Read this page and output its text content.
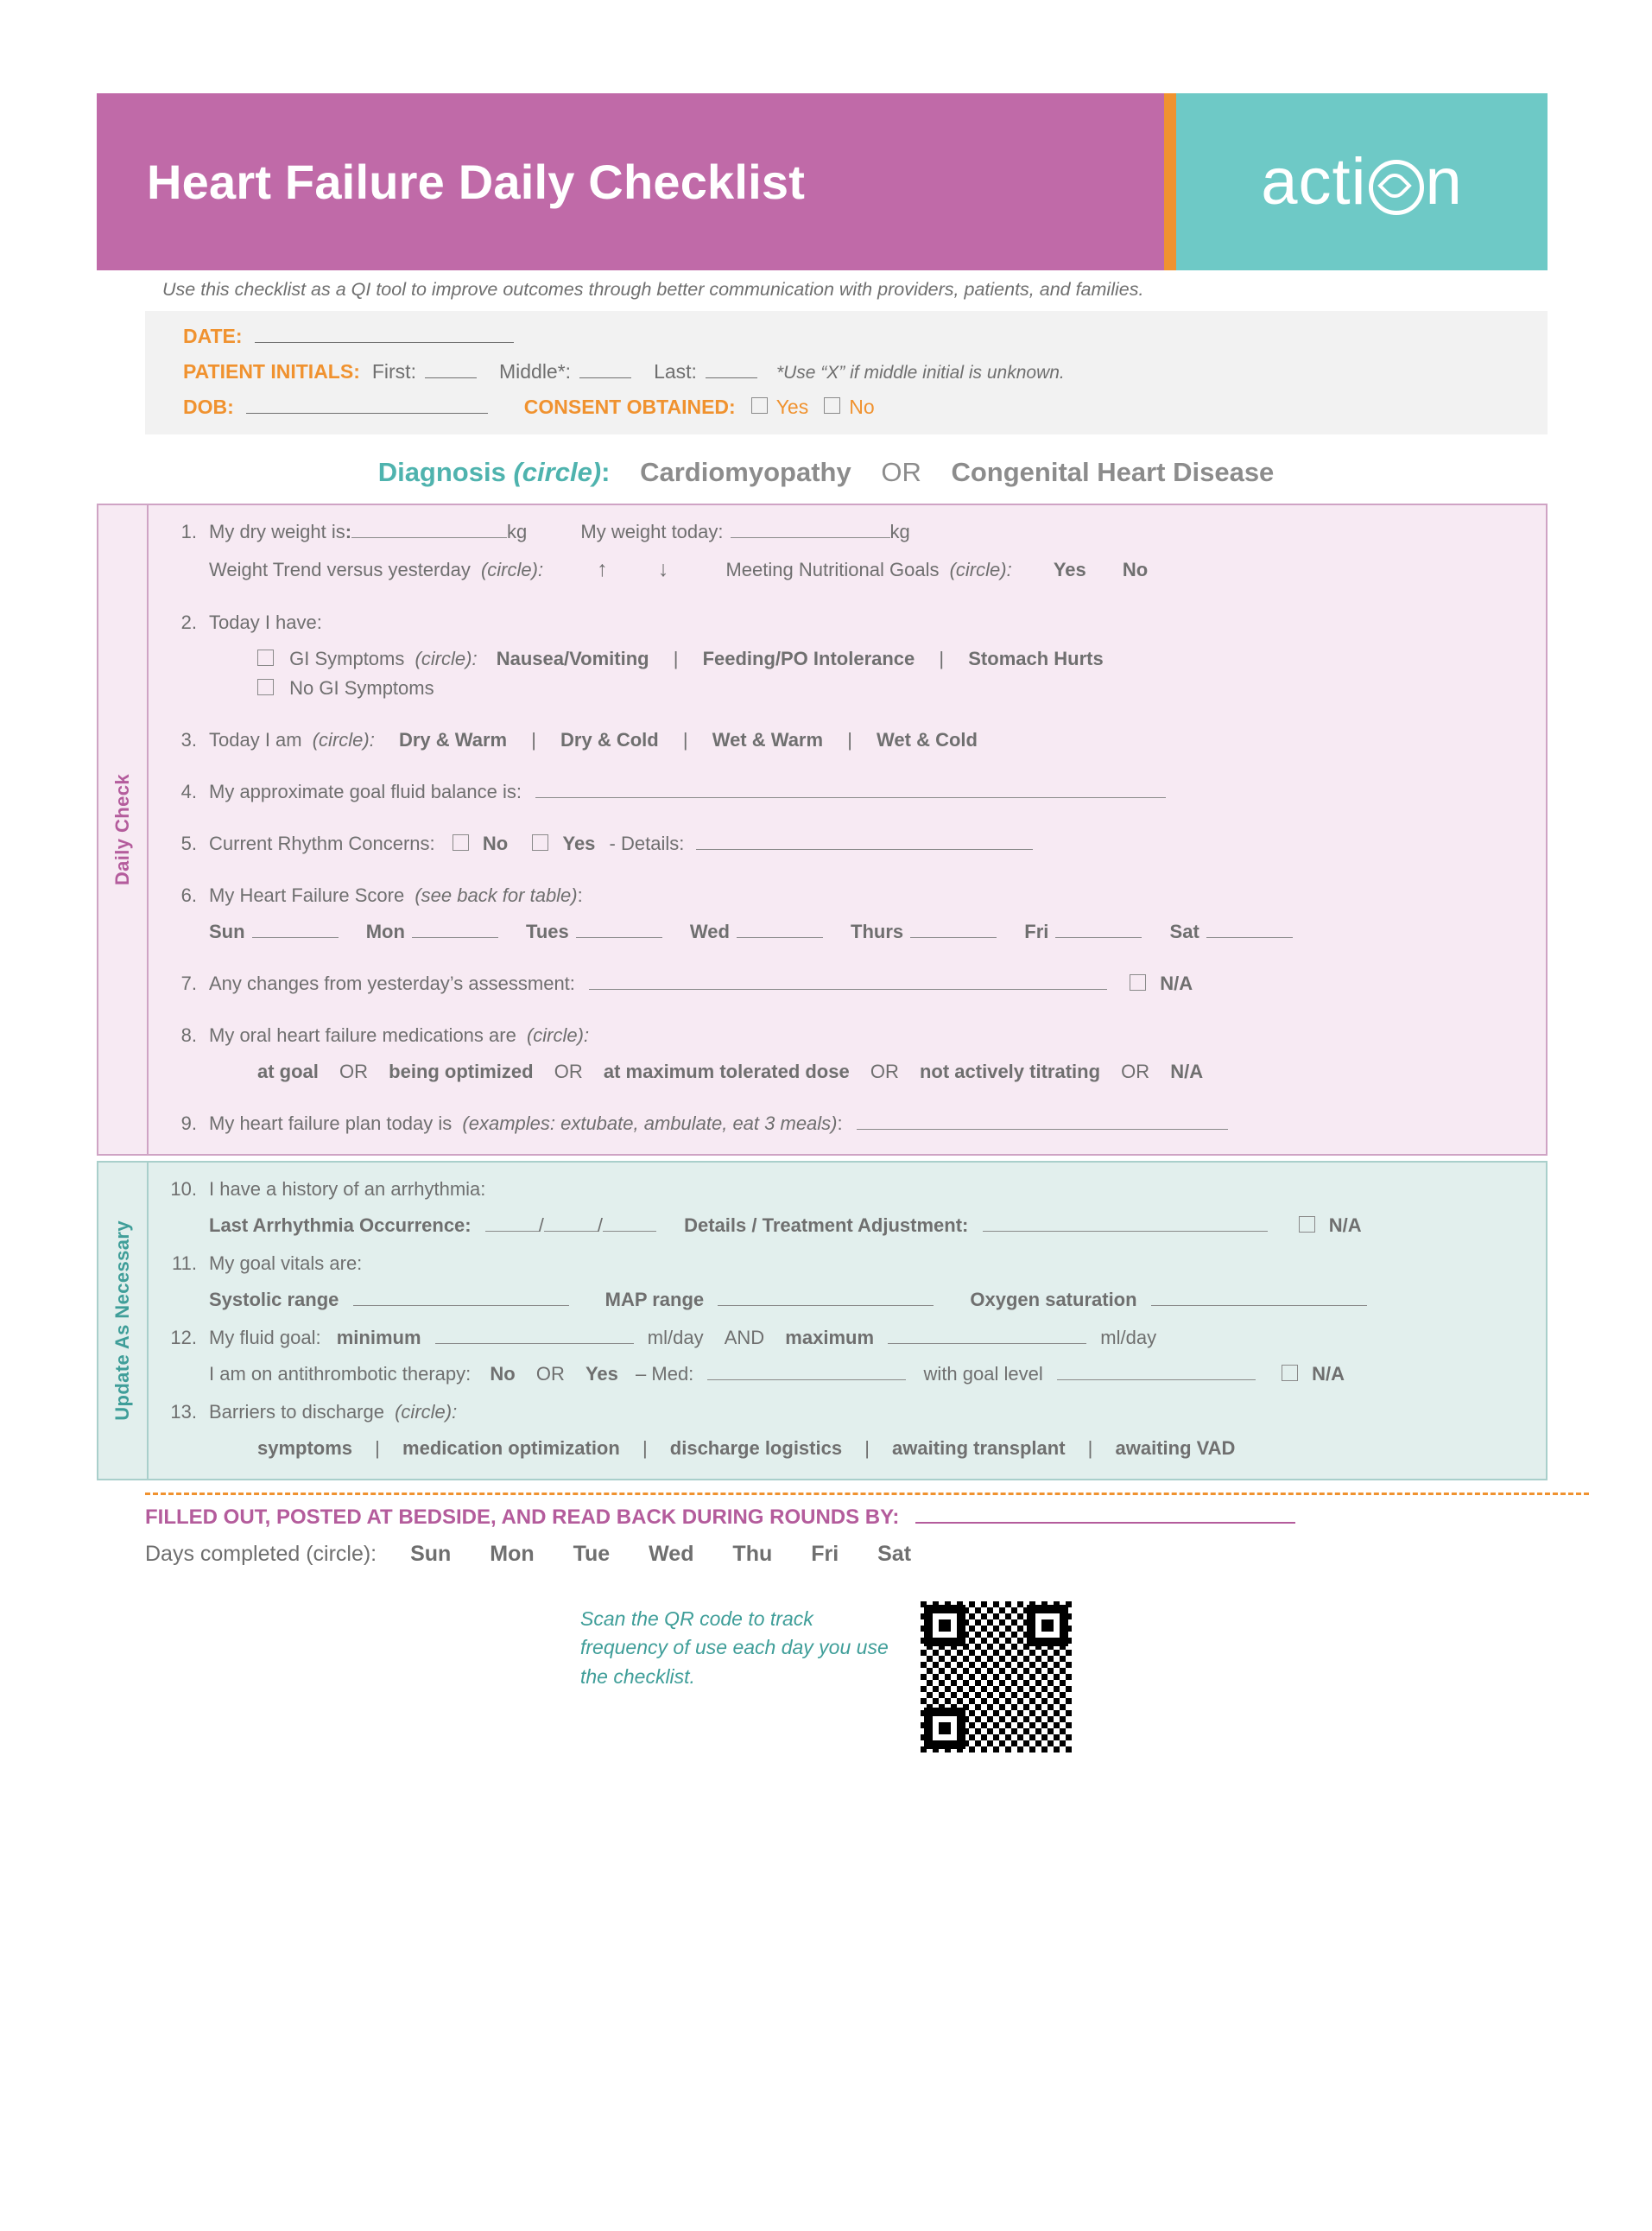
Heart Failure Daily Checklist	acti n
Use this checklist as a QI tool to improve outcomes through better communication with providers, patients, and families.
DATE:
PATIENT INITIALS: First:	Middle*:	Last:	*Use “X” if middle initial is unknown.
DOB:	CONSENT OBTAINED: Yes No
Diagnosis (circle): Cardiomyopathy OR Congenital Heart Disease
Daily Check
1. My dry weight is:	kg	My weight today:	kg
Weight Trend versus yesterday (circle): ↑ ↓	Meeting Nutritional Goals (circle): Yes No
2. Today I have:
GI Symptoms (circle): Nausea/Vomiting | Feeding/PO Intolerance | Stomach Hurts
No GI Symptoms
3. Today I am (circle): Dry & Warm | Dry & Cold | Wet & Warm | Wet & Cold
4. My approximate goal fluid balance is:
5. Current Rhythm Concerns:	No	Yes - Details:
6. My Heart Failure Score (see back for table):
Sun	Mon	Tues	Wed	Thurs	Fri	Sat
7. Any changes from yesterday’s assessment:	N/A
8. My oral heart failure medications are (circle):
at goal OR being optimized OR at maximum tolerated dose OR not actively titrating OR N/A
9. My heart failure plan today is (examples: extubate, ambulate, eat 3 meals):
Update As Necessary
10. I have a history of an arrhythmia:
Last Arrhythmia Occurrence:	/	/	Details / Treatment Adjustment:	N/A
11. My goal vitals are:
Systolic range	MAP range	Oxygen saturation
12. My fluid goal: minimum	ml/day AND maximum	ml/day
I am on antithrombotic therapy: No OR Yes – Med:	with goal level	N/A
13. Barriers to discharge (circle):
symptoms | medication optimization | discharge logistics | awaiting transplant | awaiting VAD
FILLED OUT, POSTED AT BEDSIDE, AND READ BACK DURING ROUNDS BY:
Days completed (circle): Sun Mon Tue Wed Thu Fri Sat
Scan the QR code to track frequency of use each day you use the checklist.
